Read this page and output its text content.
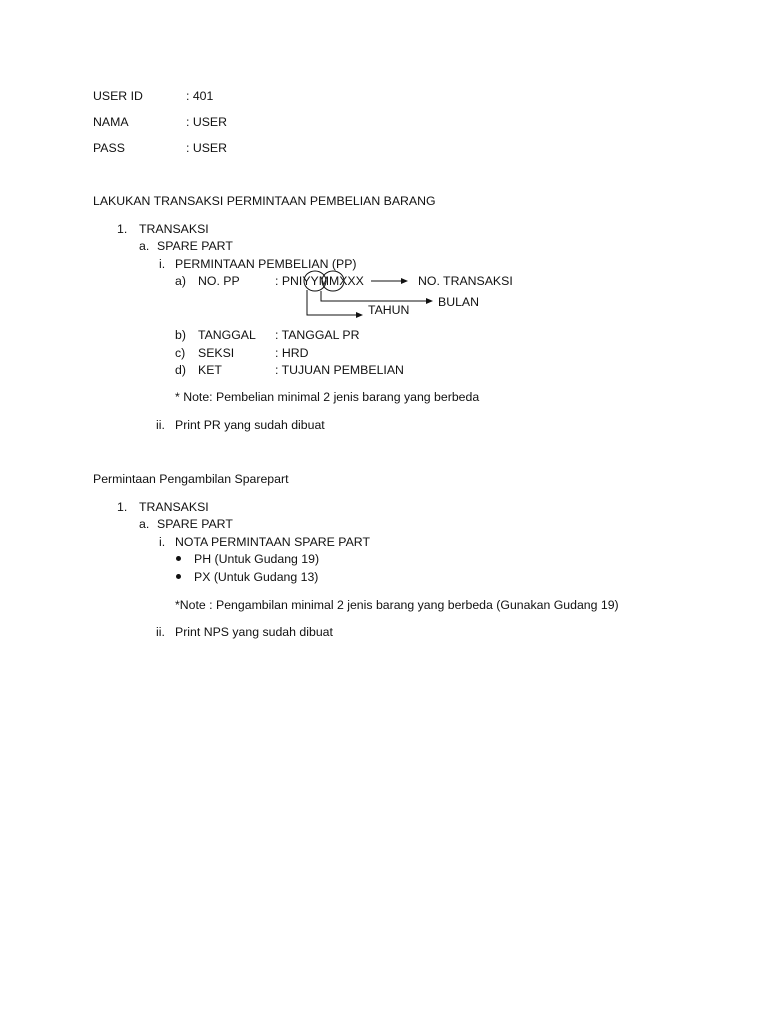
USER ID	: 401
NAMA	: USER
PASS	: USER
LAKUKAN TRANSAKSI PERMINTAAN PEMBELIAN BARANG
1. TRANSAKSI
a. SPARE PART
i. PERMINTAAN PEMBELIAN (PP)
a) NO. PP	: PNIYYMMXXX	NO. TRANSAKSI
BULAN
TAHUN
b) TANGGAL : TANGGAL PR
c) SEKSI	: HRD
d) KET	: TUJUAN PEMBELIAN
* Note: Pembelian minimal 2 jenis barang yang berbeda
ii. Print PR yang sudah dibuat
Permintaan Pengambilan Sparepart
1. TRANSAKSI
a. SPARE PART
i. NOTA PERMINTAAN SPARE PART
PH (Untuk Gudang 19)
PX (Untuk Gudang 13)
*Note : Pengambilan minimal 2 jenis barang yang berbeda (Gunakan Gudang 19)
ii. Print NPS yang sudah dibuat
